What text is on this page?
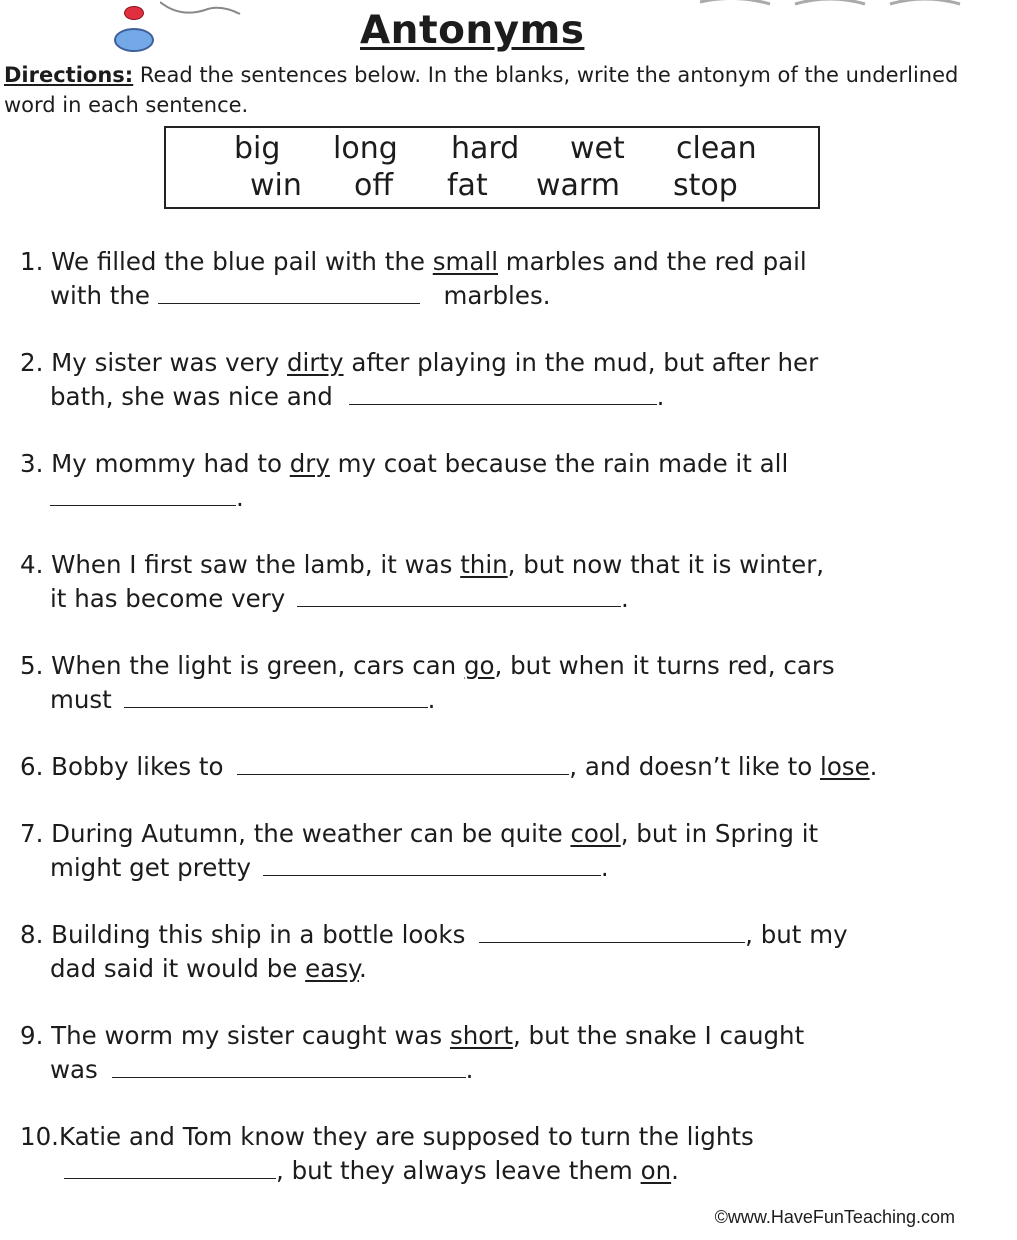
Antonyms
Directions: Read the sentences below. In the blanks, write the antonym of the underlined word in each sentence.
big long hard wet clean
win off fat warm stop
1. We filled the blue pail with the small marbles and the red pail
with the	marbles.
2. My sister was very dirty after playing in the mud, but after her
bath, she was nice and	.
3. My mommy had to dry my coat because the rain made it all
.
4. When I first saw the lamb, it was thin, but now that it is winter,
it has become very	.
5. When the light is green, cars can go, but when it turns red, cars
must	.
6. Bobby likes to	, and doesn’t like to lose.
7. During Autumn, the weather can be quite cool, but in Spring it
might get pretty	.
8. Building this ship in a bottle looks	, but my
dad said it would be easy.
9. The worm my sister caught was short, but the snake I caught
was	.
10.Katie and Tom know they are supposed to turn the lights
, but they always leave them on.
©www.HaveFunTeaching.com
